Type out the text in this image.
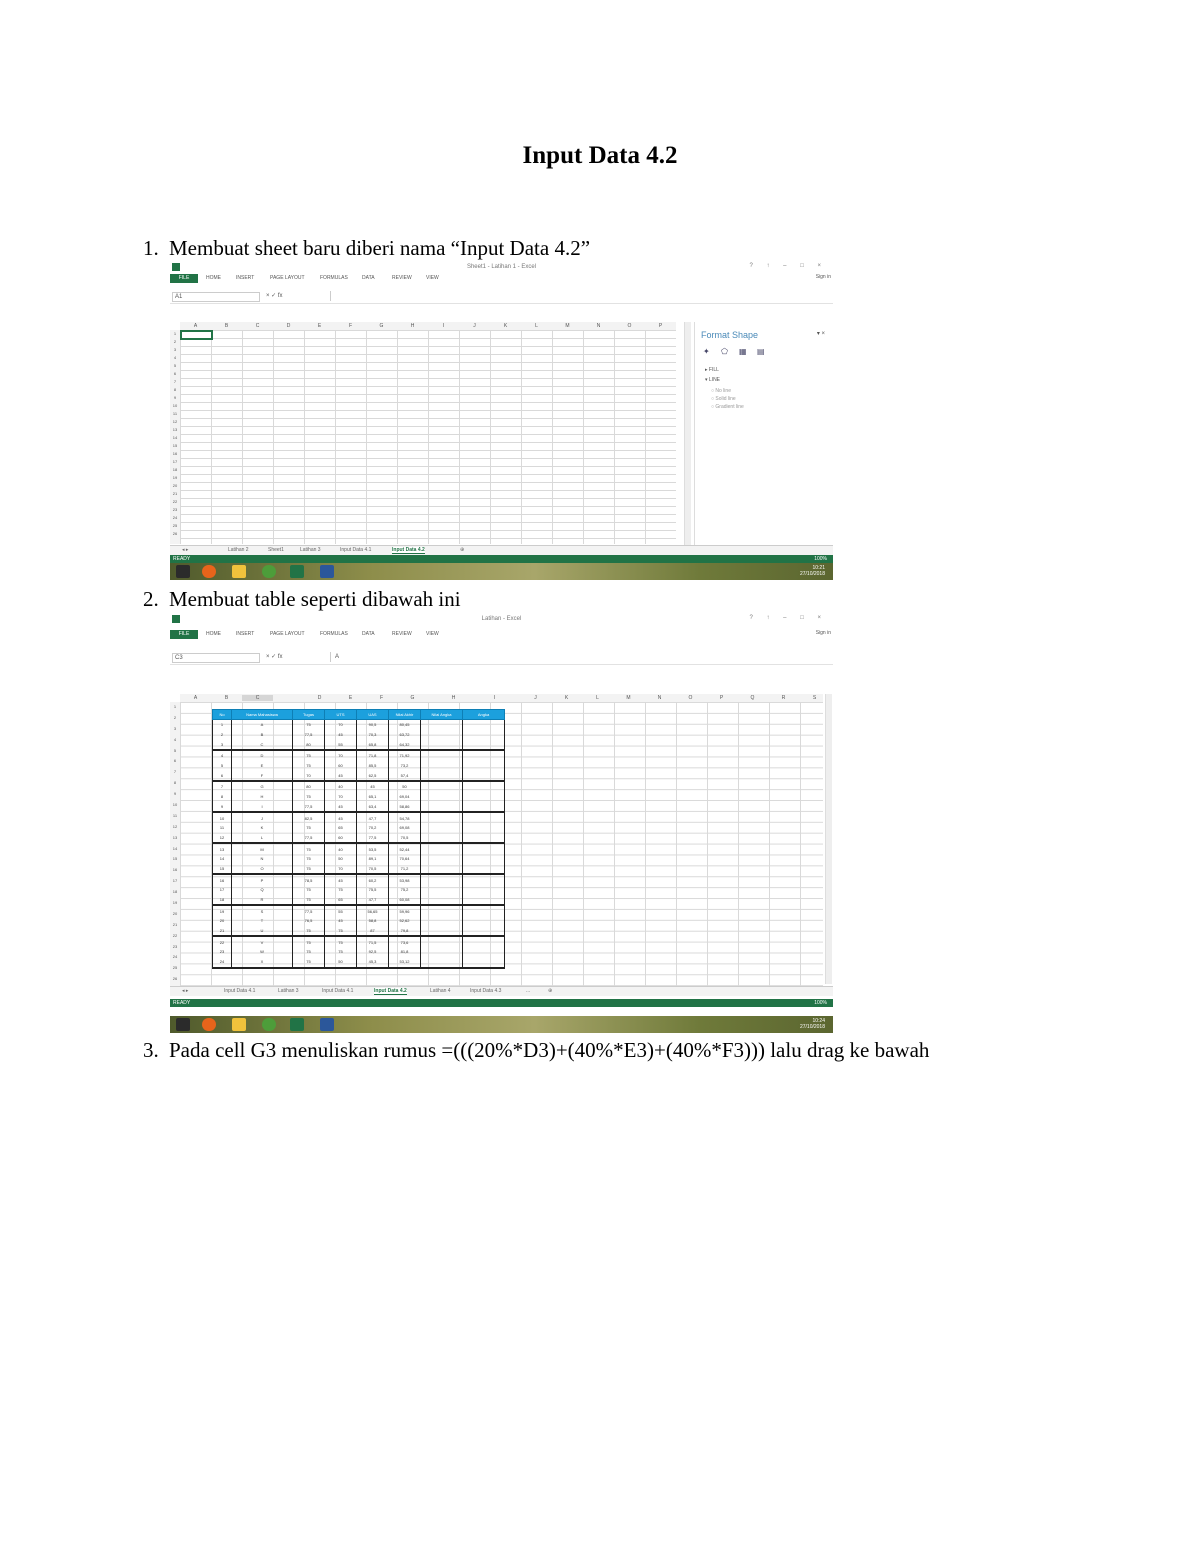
Input Data 4.2
1. Membuat sheet baru diberi nama “Input Data 4.2”
Sheet1 - Latihan 1 - Excel	? ↑ – □ ×
FILE	HOME	INSERT	PAGE LAYOUT	FORMULAS	DATA	REVIEW	VIEW	Sign in
A1	× ✓ fx
A	B	C	D	E	F	G	H	I	J	K	L	M	N	O	P
1
2
3
4
5
6
7
8
9
10
11
12
13
14
15
16
17
18
19
20
21
22
23
24
25
26
Format Shape	▾ ×
✦ ⬠ ▦ ▤
▸ FILL
▾ LINE
○ No line
○ Solid line
○ Gradient line
◂ ▸	Latihan 2	Sheet1	Latihan 3	Input Data 4.1	Input Data 4.2	⊕
READY	100%
10:21
27/10/2018
2. Membuat table seperti dibawah ini
Latihan - Excel	? ↑ – □ ×
FILE	HOME	INSERT	PAGE LAYOUT	FORMULAS	DATA	REVIEW	VIEW	Sign in
C3	× ✓ fx	A
A	B	C	D	E	F	G	H	I	J	K	L	M	N	O	P	Q	R	S
1
2
3
4
5
6
7
8
9
10
11
12
13
14
15
16
17
18
19
20
21
22
23
24
25
26
No	Nama Mahasiswa	Tugas	UTS	UAS	Nilai Akhir	Nilai Angka	Angka
1	A	75	70	90,5	80,45		
2	B	77,5	45	70,3	63,72		
3	C	80	55	65,8	64,32		
4	D	75	70	71,8	71,92		
5	E	75	60	85,5	73,2		
6	F	70	45	62,5	57,4		
7	G	80	40	45	50		
8	H	75	70	65,1	69,04		
9	I	77,5	45	63,4	58,86		
10	J	82,5	45	47,7	54,78		
11	K	75	65	70,2	69,08		
12	L	77,5	60	77,5	70,5		
13	M	75	40	53,5	52,44		
14	N	75	50	89,1	70,64		
15	O	75	70	70,5	71,2		
16	P	78,5	45	60,2	53,98		
17	Q	75	75	75,5	75,2		
18	R	75	65	47,7	60,08		
19	S	77,5	55	56,65	59,96		
20	T	76,5	45	58,8	52,62		
21	U	75	75	87	79,8		
22	V	75	75	71,5	73,6		
23	W	75	75	92,5	81,8		
24	X	75	50	45,3	53,12		
◂ ▸	Input Data 4.1	Latihan 3	Input Data 4.1	Input Data 4.2	Latihan 4	Input Data 4.3	...	⊕
READY	100%
10:24
27/10/2018
3. Pada cell G3 menuliskan rumus =(((20%*D3)+(40%*E3)+(40%*F3))) lalu drag ke bawah
